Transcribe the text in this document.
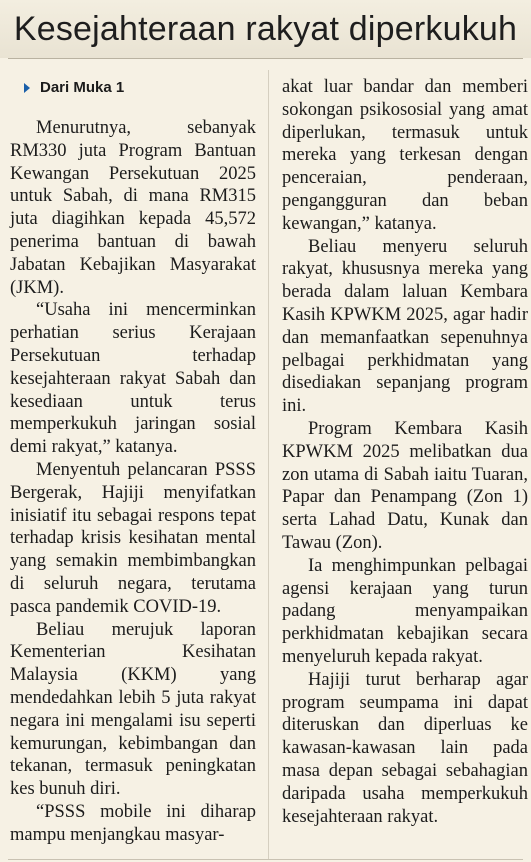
Kesejahteraan rakyat diperkukuh
Dari Muka 1

Menurutnya, sebanyak RM330 juta Program Bantuan Kewangan Persekutuan 2025 untuk Sabah, di mana RM315 juta diagihkan kepada 45,572 penerima bantuan di bawah Jabatan Kebajikan Masyarakat (JKM).

“Usaha ini mencerminkan perhatian serius Kerajaan Persekutuan terhadap kesejahteraan rakyat Sabah dan kesediaan untuk terus memperkukuh jaringan sosial demi rakyat,” katanya.

Menyentuh pelancaran PSSS Bergerak, Hajiji menyifatkan inisiatif itu sebagai respons tepat terhadap krisis kesihatan mental yang semakin membimbangkan di seluruh negara, terutama pasca pandemik COVID-19.

Beliau merujuk laporan Kementerian Kesihatan Malaysia (KKM) yang mendedahkan lebih 5 juta rakyat negara ini mengalami isu seperti kemurungan, kebimbangan dan tekanan, termasuk peningkatan kes bunuh diri.

“PSSS mobile ini diharap mampu menjangkau masyar-

akat luar bandar dan memberi sokongan psikososial yang amat diperlukan, termasuk untuk mereka yang terkesan dengan penceraian, penderaan, pengangguran dan beban kewangan,” katanya.

Beliau menyeru seluruh rakyat, khususnya mereka yang berada dalam laluan Kembara Kasih KPWKM 2025, agar hadir dan memanfaatkan sepenuhnya pelbagai perkhidmatan yang disediakan sepanjang program ini.

Program Kembara Kasih KPWKM 2025 melibatkan dua zon utama di Sabah iaitu Tuaran, Papar dan Penampang (Zon 1) serta Lahad Datu, Kunak dan Tawau (Zon).

Ia menghimpunkan pelbagai agensi kerajaan yang turun padang menyampaikan perkhidmatan kebajikan secara menyeluruh kepada rakyat.

Hajiji turut berharap agar program seumpama ini dapat diteruskan dan diperluas ke kawasan-kawasan lain pada masa depan sebagai sebahagian daripada usaha memperkukuh kesejahteraan rakyat.
